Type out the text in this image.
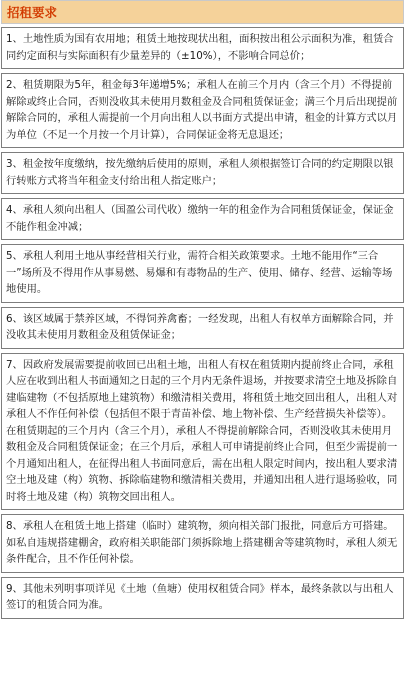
招租要求
1、土地性质为国有农用地；租赁土地按现状出租，面积按出租公示面积为准，租赁合同约定面积与实际面积有少量差异的（±10%），不影响合同总价；
2、租赁期限为5年，租金每3年递增5%；承租人在前三个月内（含三个月）不得提前解除或终止合同，否则没收其未使用月数租金及合同租赁保证金；满三个月后出现提前解除合同的，承租人需提前一个月向出租人以书面方式提出申请，租金的计算方式以月为单位（不足一个月按一个月计算），合同保证金将无息退还；
3、租金按年度缴纳，按先缴纳后使用的原则，承租人须根据签订合同的约定期限以银行转账方式将当年租金支付给出租人指定账户；
4、承租人须向出租人（国盈公司代收）缴纳一年的租金作为合同租赁保证金，保证金不能作租金冲减；
5、承租人利用土地从事经营相关行业，需符合相关政策要求。土地不能用作“三合一”场所及不得用作从事易燃、易爆和有毒物品的生产、使用、储存、经营、运输等场地使用。
6、该区域属于禁养区域，不得饲养禽畜；一经发现，出租人有权单方面解除合同，并没收其未使用月数租金及租赁保证金；
7、因政府发展需要提前收回已出租土地，出租人有权在租赁期内提前终止合同，承租人应在收到出租人书面通知之日起的三个月内无条件退场，并按要求清空土地及拆除自建临建物（不包括原地上建筑物）和缴清相关费用，将租赁土地交回出租人，出租人对承租人不作任何补偿（包括但不限于青苗补偿、地上物补偿、生产经营损失补偿等）。在租赁期起的三个月内（含三个月），承租人不得提前解除合同，否则没收其未使用月数租金及合同租赁保证金；在三个月后，承租人可申请提前终止合同，但至少需提前一个月通知出租人，在征得出租人书面同意后，需在出租人限定时间内，按出租人要求清空土地及建（构）筑物、拆除临建物和缴清相关费用，并通知出租人进行退场验收，同时将土地及建（构）筑物交回出租人。
8、承租人在租赁土地上搭建（临时）建筑物，须向相关部门报批，同意后方可搭建。如私自违规搭建棚舍，政府相关职能部门须拆除地上搭建棚舍等建筑物时，承租人须无条件配合，且不作任何补偿。
9、其他未列明事项详见《土地（鱼塘）使用权租赁合同》样本，最终条款以与出租人签订的租赁合同为准。
